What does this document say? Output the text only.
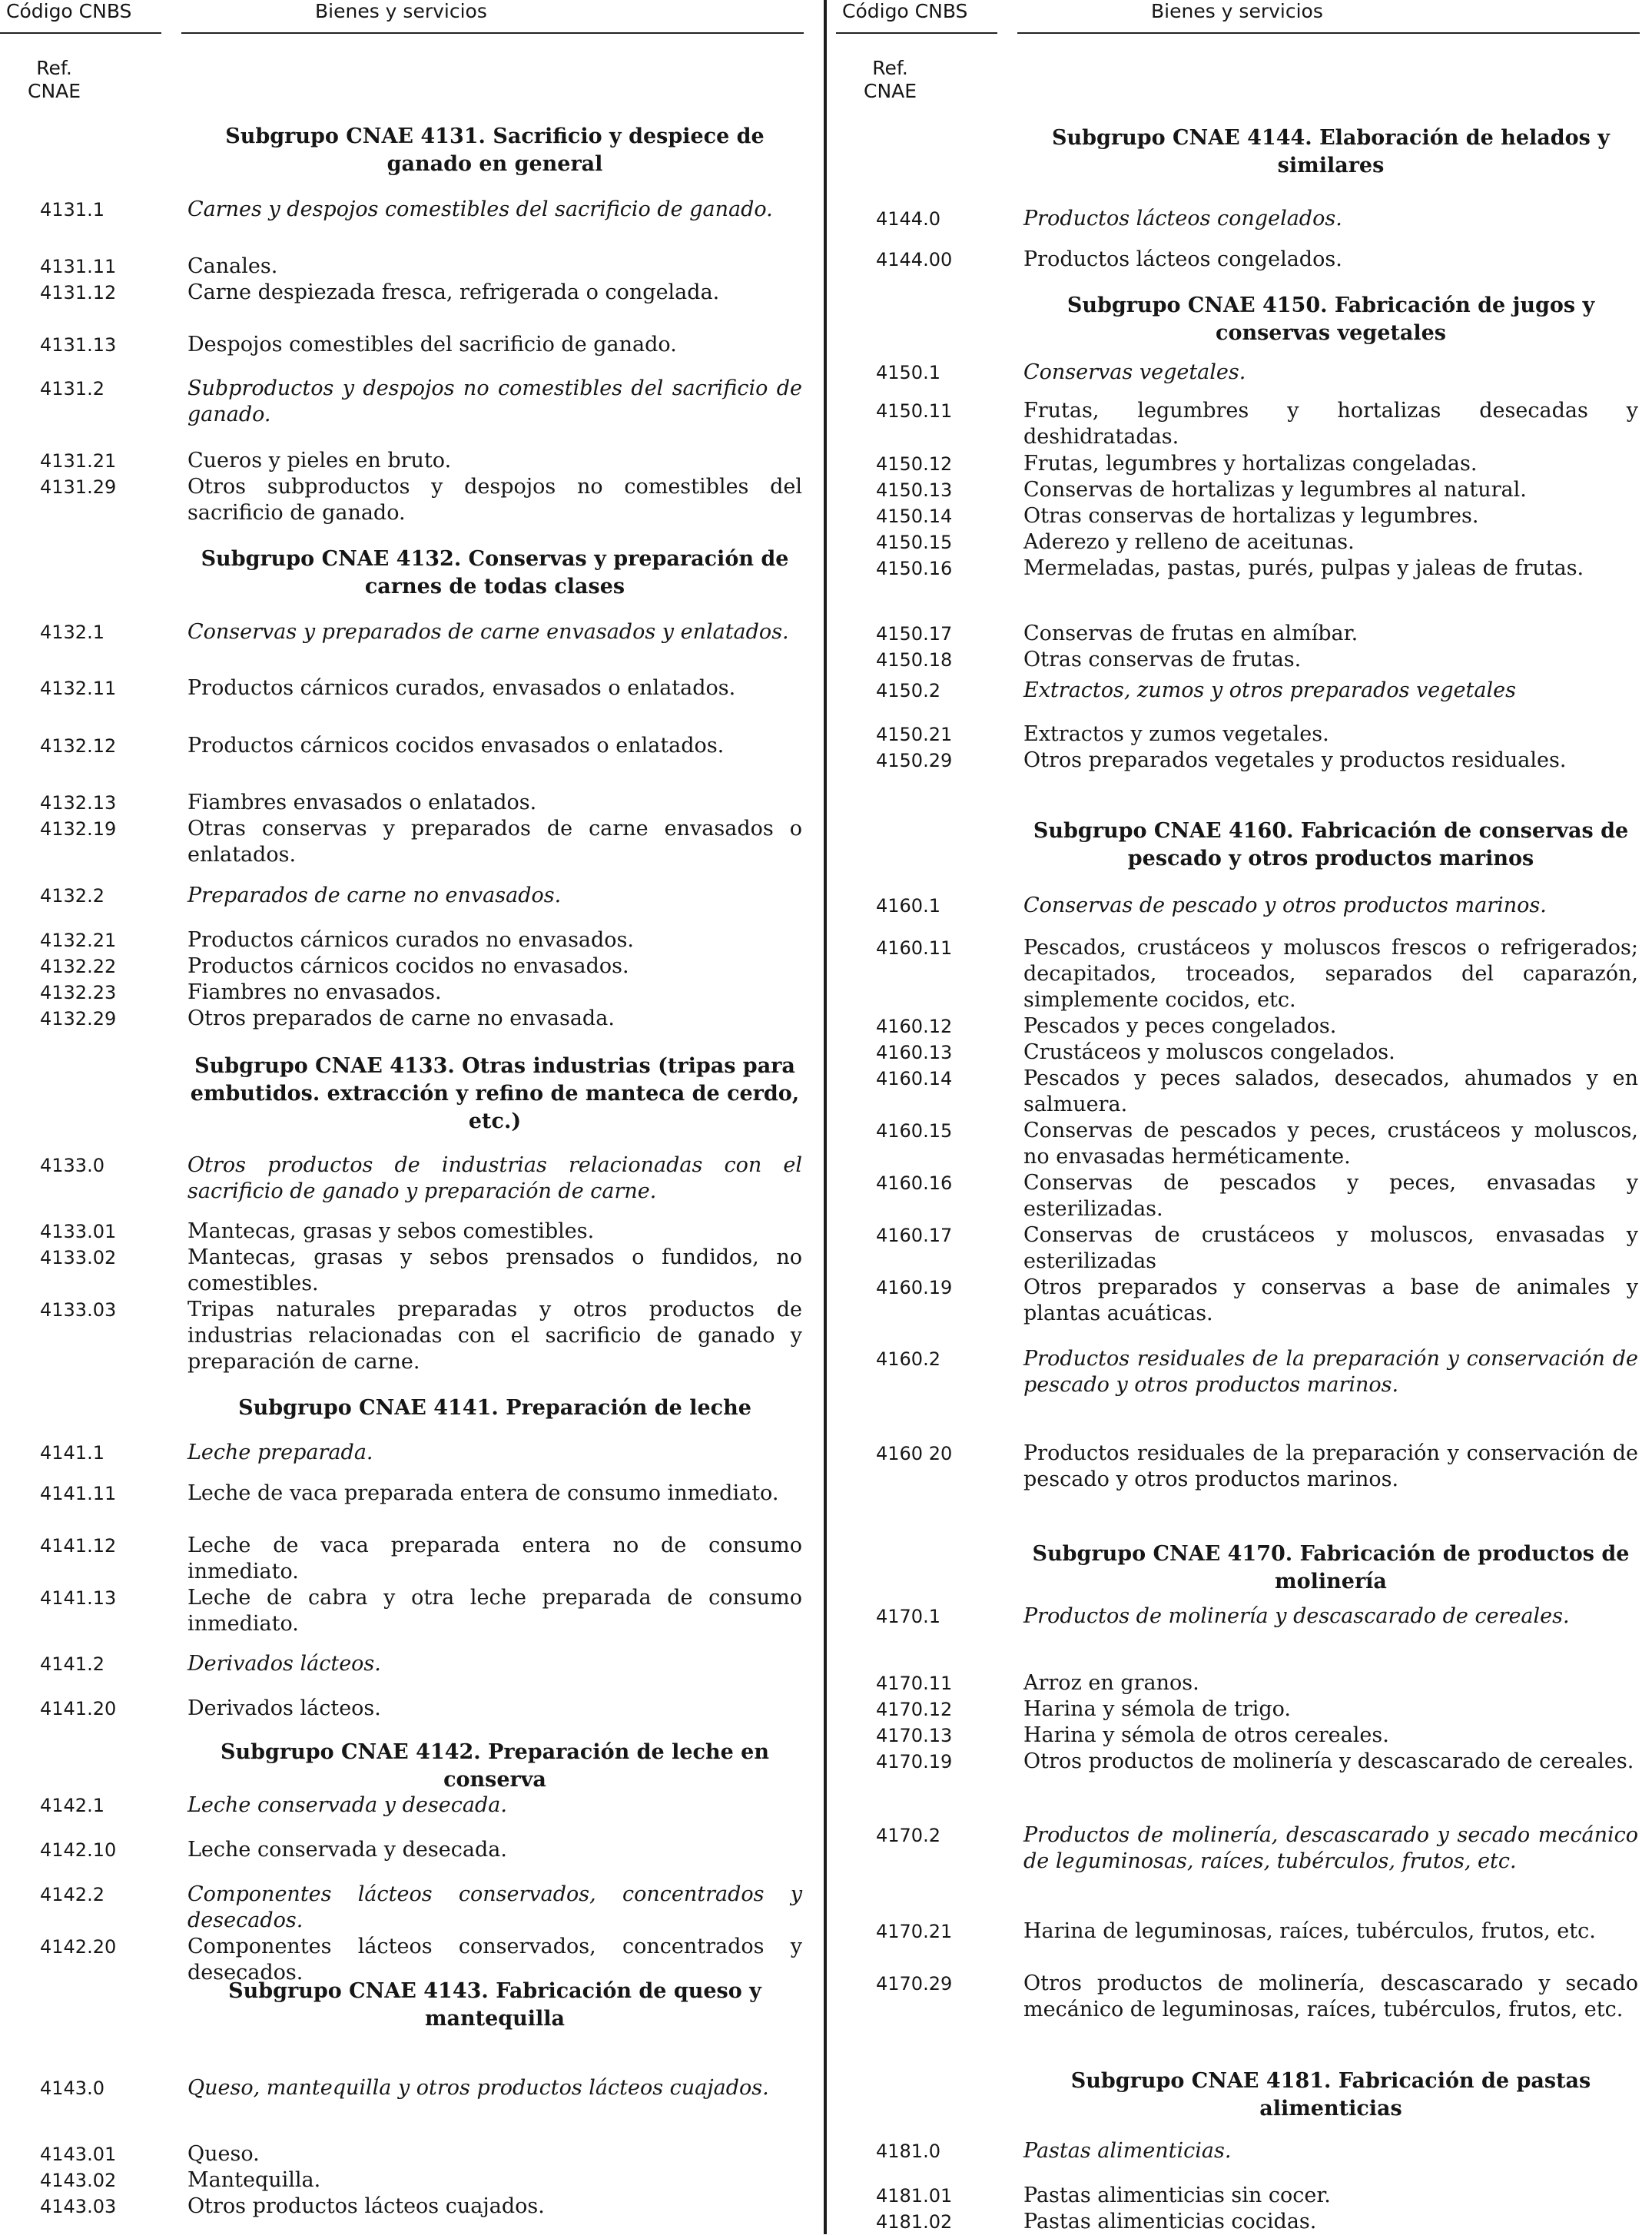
Código CNBS	Bienes y servicios
Ref.
CNAE

Subgrupo CNAE 4131. Sacrificio y despiece de ganado en general

4131.1	Carnes y despojos comestibles del sacrificio de ganado.
4131.11	Canales.
4131.12	Carne despiezada fresca, refrigerada o congelada.
4131.13	Despojos comestibles del sacrificio de ganado.
4131.2	Subproductos y despojos no comestibles del sacrificio de ganado.
4131.21	Cueros y pieles en bruto.
4131.29	Otros subproductos y despojos no comestibles del sacrificio de ganado.

Subgrupo CNAE 4132. Conservas y preparación de carnes de todas clases

4132.1	Conservas y preparados de carne envasados y enlatados.
4132.11	Productos cárnicos curados, envasados o enlatados.
4132.12	Productos cárnicos cocidos envasados o enlatados.
4132.13	Fiambres envasados o enlatados.
4132.19	Otras conservas y preparados de carne envasados o enlatados.
4132.2	Preparados de carne no envasados.
4132.21	Productos cárnicos curados no envasados.
4132.22	Productos cárnicos cocidos no envasados.
4132.23	Fiambres no envasados.
4132.29	Otros preparados de carne no envasada.

Subgrupo CNAE 4133. Otras industrias (tripas para embutidos. extracción y refino de manteca de cerdo, etc.)

4133.0	Otros productos de industrias relacionadas con el sacrificio de ganado y preparación de carne.
4133.01	Mantecas, grasas y sebos comestibles.
4133.02	Mantecas, grasas y sebos prensados o fundidos, no comestibles.
4133.03	Tripas naturales preparadas y otros productos de industrias relacionadas con el sacrificio de ganado y preparación de carne.

Subgrupo CNAE 4141. Preparación de leche

4141.1	Leche preparada.
4141.11	Leche de vaca preparada entera de consumo inmediato.
4141.12	Leche de vaca preparada entera no de consumo inmediato.
4141.13	Leche de cabra y otra leche preparada de consumo inmediato.
4141.2	Derivados lácteos.
4141.20	Derivados lácteos.

Subgrupo CNAE 4142. Preparación de leche en conserva

4142.1	Leche conservada y desecada.
4142.10	Leche conservada y desecada.
4142.2	Componentes lácteos conservados, concentrados y desecados.
4142.20	Componentes lácteos conservados, concentrados y desecados.

Subgrupo CNAE 4143. Fabricación de queso y mantequilla

4143.0	Queso, mantequilla y otros productos lácteos cuajados.
4143.01	Queso.
4143.02	Mantequilla.
4143.03	Otros productos lácteos cuajados.
Código CNBS	Bienes y servicios
Ref.
CNAE

Subgrupo CNAE 4144. Elaboración de helados y similares

4144.0	Productos lácteos congelados.
4144.00	Productos lácteos congelados.

Subgrupo CNAE 4150. Fabricación de jugos y conservas vegetales

4150.1	Conservas vegetales.
4150.11	Frutas, legumbres y hortalizas desecadas y deshidratadas.
4150.12	Frutas, legumbres y hortalizas congeladas.
4150.13	Conservas de hortalizas y legumbres al natural.
4150.14	Otras conservas de hortalizas y legumbres.
4150.15	Aderezo y relleno de aceitunas.
4150.16	Mermeladas, pastas, purés, pulpas y jaleas de frutas.
4150.17	Conservas de frutas en almíbar.
4150.18	Otras conservas de frutas.
4150.2	Extractos, zumos y otros preparados vegetales
4150.21	Extractos y zumos vegetales.
4150.29	Otros preparados vegetales y productos residuales.

Subgrupo CNAE 4160. Fabricación de conservas de pescado y otros productos marinos

4160.1	Conservas de pescado y otros productos marinos.
4160.11	Pescados, crustáceos y moluscos frescos o refrigerados; decapitados, troceados, separados del caparazón, simplemente cocidos, etc.
4160.12	Pescados y peces congelados.
4160.13	Crustáceos y moluscos congelados.
4160.14	Pescados y peces salados, desecados, ahumados y en salmuera.
4160.15	Conservas de pescados y peces, crustáceos y moluscos, no envasadas herméticamente.
4160.16	Conservas de pescados y peces, envasadas y esterilizadas.
4160.17	Conservas de crustáceos y moluscos, envasadas y esterilizadas
4160.19	Otros preparados y conservas a base de animales y plantas acuáticas.
4160.2	Productos residuales de la preparación y conservación de pescado y otros productos marinos.
4160 20	Productos residuales de la preparación y conservación de pescado y otros productos marinos.

Subgrupo CNAE 4170. Fabricación de productos de molinería

4170.1	Productos de molinería y descascarado de cereales.
4170.11	Arroz en granos.
4170.12	Harina y sémola de trigo.
4170.13	Harina y sémola de otros cereales.
4170.19	Otros productos de molinería y descascarado de cereales.
4170.2	Productos de molinería, descascarado y secado mecánico de leguminosas, raíces, tubérculos, frutos, etc.
4170.21	Harina de leguminosas, raíces, tubérculos, frutos, etc.
4170.29	Otros productos de molinería, descascarado y secado mecánico de leguminosas, raíces, tubérculos, frutos, etc.

Subgrupo CNAE 4181. Fabricación de pastas alimenticias

4181.0	Pastas alimenticias.
4181.01	Pastas alimenticias sin cocer.
4181.02	Pastas alimenticias cocidas.
